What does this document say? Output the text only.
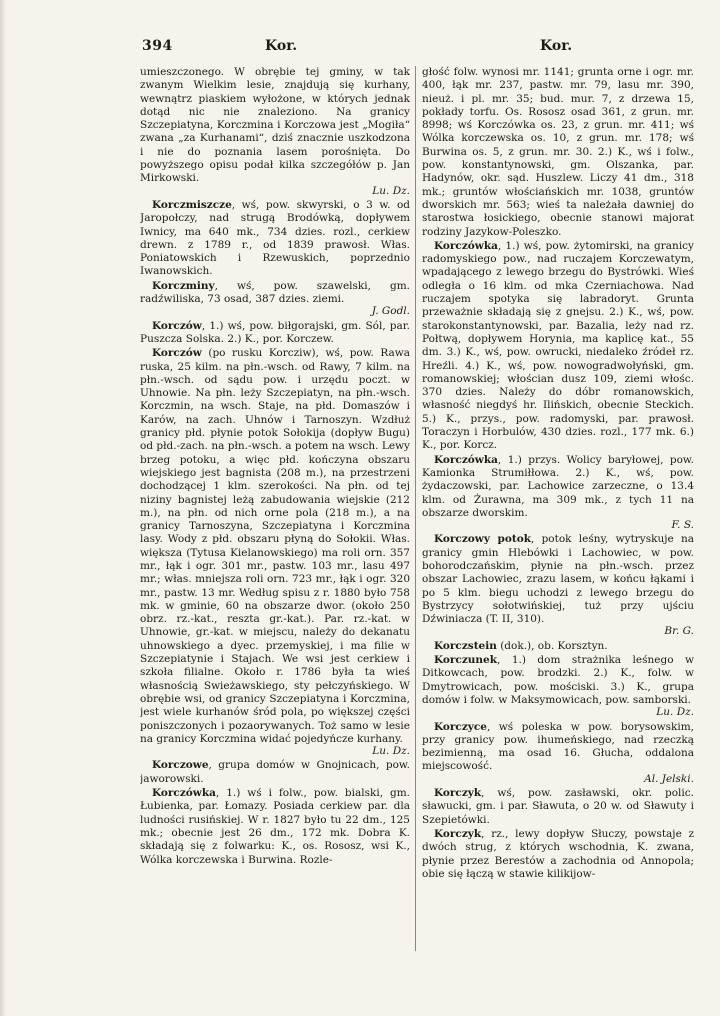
394	Kor.	Kor.

umieszczonego. W obrębie tej gminy, w tak zwanym Wielkim lesie, znajdują się kurhany, wewnątrz piaskiem wyłożone, w których jednak dotąd nic nie znaleziono. Na granicy Szczepiatyna, Korczmina i Korczowa jest „Mogiła“ zwana „za Kurhanami“, dziś znacznie uszkodzona i nie do poznania lasem porośnięta. Do powyższego opisu podał kilka szczegółów p. Jan Mirkowski.
Lu. Dz.

Korczmiszcze, wś, pow. skwyrski, o 3 w. od Jaropołczy, nad strugą Brodówką, dopływem Iwnicy, ma 640 mk., 734 dzies. rozl., cerkiew drewn. z 1789 r., od 1839 prawosł. Włas. Poniatowskich i Rzewuskich, poprzednio Iwanowskich.

Korczminy, wś, pow. szawelski, gm. radźwiliska, 73 osad, 387 dzies. ziemi.
J. Godl.

Korczów, 1.) wś, pow. biłgorajski, gm. Sól, par. Puszcza Solska. 2.) K., por. Korczew.

Korczów (po rusku Korcziw), wś, pow. Rawa ruska, 25 kilm. na płn.-wsch. od Rawy, 7 kilm. na płn.-wsch. od sądu pow. i urzędu poczt. w Uhnowie. Na płn. leży Szczepiatyn, na płn.-wsch. Korczmin, na wsch. Staje, na płd. Domaszów i Karów, na zach. Uhnów i Tarnoszyn. Wzdłuż granicy płd. płynie potok Sołokija (dopływ Bugu) od płd.-zach. na płn.-wsch. a potem na wsch. Lewy brzeg potoku, a więc płd. kończyna obszaru wiejskiego jest bagnista (208 m.), na przestrzeni dochodzącej 1 klm. szerokości. Na płn. od tej niziny bagnistej leżą zabudowania wiejskie (212 m.), na płn. od nich orne pola (218 m.), a na granicy Tarnoszyna, Szczepiatyna i Korczmina lasy. Wody z płd. obszaru płyną do Sołokii. Włas. większa (Tytusa Kielanowskiego) ma roli orn. 357 mr., łąk i ogr. 301 mr., pastw. 103 mr., lasu 497 mr.; włas. mniejsza roli orn. 723 mr., łąk i ogr. 320 mr., pastw. 13 mr. Według spisu z r. 1880 było 758 mk. w gminie, 60 na obszarze dwor. (około 250 obrz. rz.-kat., reszta gr.-kat.). Par. rz.-kat. w Uhnowie, gr.-kat. w miejscu, należy do dekanatu uhnowskiego a dyec. przemyskiej, i ma filie w Szczepiatynie i Stajach. We wsi jest cerkiew i szkoła filialne. Około r. 1786 była ta wieś własnością Swieżawskiego, sty pełczyńskiego. W obrębie wsi, od granicy Szczepiatyna i Korczmina, jest wiele kurhanów śród pola, po większej części poniszczonych i pozaorywanych. Toż samo w lesie na granicy Korczmina widać pojedyńcze kurhany.
Lu. Dz.

Korczowe, grupa domów w Gnojnicach, pow. jaworowski.

Korczówka, 1.) wś i folw., pow. bialski, gm. Łubienka, par. Łomazy. Posiada cerkiew par. dla ludności rusińskiej. W r. 1827 było tu 22 dm., 125 mk.; obecnie jest 26 dm., 172 mk. Dobra K. składają się z folwarku: K., os. Rososz, wsi K., Wólka korczewska i Burwina. Rozle-

głość folw. wynosi mr. 1141; grunta orne i ogr. mr. 400, łąk mr. 237, pastw. mr. 79, lasu mr. 390, nieuż. i pl. mr. 35; bud. mur. 7, z drzewa 15, pokłady torfu. Os. Rososz osad 361, z grun. mr. 8998; wś Korczówka os. 23, z grun. mr. 411; wś Wólka korczewska os. 10, z grun. mr. 178; wś Burwina os. 5, z grun. mr. 30. 2.) K., wś i folw., pow. konstantynowski, gm. Olszanka, par. Hadynów, okr. sąd. Huszlew. Liczy 41 dm., 318 mk.; gruntów włościańskich mr. 1038, gruntów dworskich mr. 563; wieś ta należała dawniej do starostwa łosickiego, obecnie stanowi majorat rodziny Jazykow-Poleszko.

Korczówka, 1.) wś, pow. żytomirski, na granicy radomyskiego pow., nad ruczajem Korczewatym, wpadającego z lewego brzegu do Bystrówki. Wieś odległa o 16 klm. od mka Czerniachowa. Nad ruczajem spotyka się labradoryt. Grunta przeważnie składają się z gnejsu. 2.) K., wś, pow. starokonstantynowski, par. Bazalia, leży nad rz. Połtwą, dopływem Horynia, ma kaplicę kat., 55 dm. 3.) K., wś, pow. owrucki, niedaleko źródeł rz. Hreźli. 4.) K., wś, pow. nowogradwołyński, gm. romanowskiej; włościan dusz 109, ziemi włośc. 370 dzies. Należy do dóbr romanowskich, własność niegdyś hr. Ilińskich, obecnie Steckich. 5.) K., przys., pow. radomyski, par. prawosł. Toraczyn i Horbulów, 430 dzies. rozl., 177 mk. 6.) K., por. Korcz.

Korczówka, 1.) przys. Wolicy baryłowej, pow. Kamionka Strumiłłowa. 2.) K., wś, pow. żydaczowski, par. Lachowice zarzeczne, o 13.4 klm. od Żurawna, ma 309 mk., z tych 11 na obszarze dworskim.
F. S.

Korczowy potok, potok leśny, wytryskuje na granicy gmin Hlebówki i Lachowiec, w pow. bohorodczańskim, płynie na płn.-wsch. przez obszar Lachowiec, zrazu lasem, w końcu łąkami i po 5 klm. biegu uchodzi z lewego brzegu do Bystrzycy sołotwińskiej, tuż przy ujściu Dźwiniacza (T. II, 310).
Br. G.

Korczstein (dok.), ob. Korsztyn.

Korczunek, 1.) dom strażnika leśnego w Ditkowcach, pow. brodzki. 2.) K., folw. w Dmytrowicach, pow. mościski. 3.) K., grupa domów i folw. w Maksymowicach, pow. samborski.
Lu. Dz.

Korczyce, wś poleska w pow. borysowskim, przy granicy pow. ihumeńskiego, nad rzeczką bezimienną, ma osad 16. Głucha, oddalona miejscowość.
Al. Jelski.

Korczyk, wś, pow. zasławski, okr. polic. sławucki, gm. i par. Sławuta, o 20 w. od Sławuty i Szepietówki.

Korczyk, rz., lewy dopływ Słuczy, powstaje z dwóch strug, z których wschodnia, K. zwana, płynie przez Berestów a zachodnia od Annopola; obie się łączą w stawie kilikijow-
